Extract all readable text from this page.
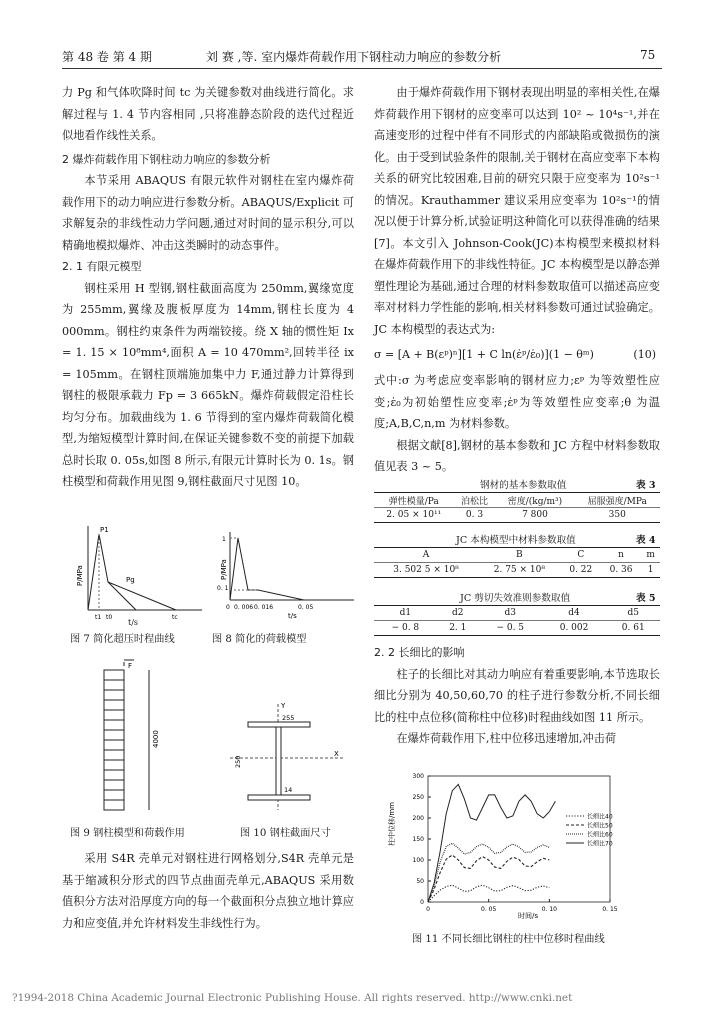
第 48 卷 第 4 期	刘 赛 ,等. 室内爆炸荷载作用下钢柱动力响应的参数分析	75

力 Pg 和气体吹降时间 tc 为关键参数对曲线进行简化。求解过程与 1. 4 节内容相同 ,只将准静态阶段的迭代过程近似地看作线性关系。

2 爆炸荷载作用下钢柱动力响应的参数分析

本节采用 ABAQUS 有限元软件对钢柱在室内爆炸荷载作用下的动力响应进行参数分析。ABAQUS/Explicit 可求解复杂的非线性动力学问题,通过对时间的显示积分,可以精确地模拟爆炸、冲击这类瞬时的动态事件。

2. 1 有限元模型

钢柱采用 H 型钢,钢柱截面高度为 250mm,翼缘宽度为 255mm,翼缘及腹板厚度为 14mm,钢柱长度为 4 000mm。钢柱约束条件为两端铰接。绕 X 轴的惯性矩 Ix = 1. 15 × 10⁸mm⁴,面积 A = 10 470mm²,回转半径 ix = 105mm。在钢柱顶端施加集中力 F,通过静力计算得到钢柱的极限承载力 Fp = 3 665kN。爆炸荷载假定沿柱长均匀分布。加载曲线为 1. 6 节得到的室内爆炸荷载简化模型,为缩短模型计算时间,在保证关键参数不变的前提下加载总时长取 0. 05s,如图 8 所示,有限元计算时长为 0. 1s。钢柱模型和荷载作用见图 9,钢柱截面尺寸见图 10。

P/MPa
P1
Pg
t1 t0	tc
t/s
图 7 简化超压时程曲线
P/MPa
1
0. 1
0 0. 006 0. 016	0. 05
t/s
图 8 简化的荷载模型
F
4000
图 9 钢柱模型和荷载作用
Y
X
255
250
14
图 10 钢柱截面尺寸

采用 S4R 壳单元对钢柱进行网格划分,S4R 壳单元是基于缩减积分形式的四节点曲面壳单元,ABAQUS 采用数值积分方法对沿厚度方向的每一个截面积分点独立地计算应力和应变值,并允许材料发生非线性行为。

由于爆炸荷载作用下钢材表现出明显的率相关性,在爆炸荷载作用下钢材的应变率可以达到 10² ~ 10⁴s⁻¹,并在高速变形的过程中伴有不同形式的内部缺陷或微损伤的演化。由于受到试验条件的限制,关于钢材在高应变率下本构关系的研究比较困难,目前的研究只限于应变率为 10²s⁻¹的情况。Krauthammer 建议采用应变率为 10²s⁻¹的情况以便于计算分析,试验证明这种简化可以获得准确的结果[7]。本文引入 Johnson-Cook(JC)本构模型来模拟材料在爆炸荷载作用下的非线性特征。JC 本构模型是以静态弹塑性理论为基础,通过合理的材料参数取值可以描述高应变率对材料力学性能的影响,相关材料参数可通过试验确定。JC 本构模型的表达式为:

σ = [A + B(εᵖ)ⁿ][1 + C ln(ε̇ᵖ/ε̇₀)](1 − θᵐ)	(10)

式中:σ 为考虑应变率影响的钢材应力;εᵖ 为等效塑性应变;ε̇₀为初始塑性应变率;ε̇ᵖ为等效塑性应变率;θ 为温度;A,B,C,n,m 为材料参数。

根据文献[8],钢材的基本参数和 JC 方程中材料参数取值见表 3 ~ 5。

钢材的基本参数取值	表 3
弹性模量/Pa	泊松比	密度/(kg/m³)	屈服强度/MPa
2. 05 × 10¹¹	0. 3	7 800	350
JC 本构模型中材料参数取值	表 4
A	B	C	n	m
3. 502 5 × 10⁸	2. 75 × 10⁸	0. 22	0. 36	1
JC 剪切失效准则参数取值	表 5
d1	d2	d3	d4	d5
− 0. 8	2. 1	− 0. 5	0. 002	0. 61

2. 2 长细比的影响

柱子的长细比对其动力响应有着重要影响,本节选取长细比分别为 40,50,60,70 的柱子进行参数分析,不同长细比的柱中点位移(简称柱中位移)时程曲线如图 11 所示。

在爆炸荷载作用下,柱中位移迅速增加,冲击荷

柱中位移/mm
时间/s
0
50
100
150
200
250
300
0	0. 05	0. 10	0. 15
长细比40
长细比50
长细比60
长细比70
图 11 不同长细比钢柱的柱中位移时程曲线
?1994-2018 China Academic Journal Electronic Publishing House. All rights reserved. http://www.cnki.net
